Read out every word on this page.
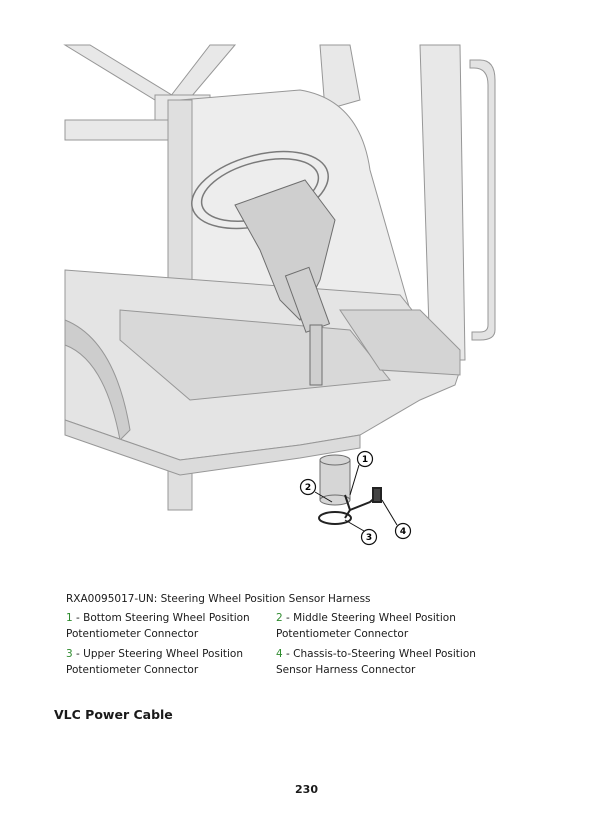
1
2
3
4

RXA0095017-UN: Steering Wheel Position Sensor Harness

1 - Bottom Steering Wheel Position Potentiometer Connector

2 - Middle Steering Wheel Position Potentiometer Connector

3 - Upper Steering Wheel Position Potentiometer Connector

4 - Chassis-to-Steering Wheel Position Sensor Harness Connector

VLC Power Cable

230
